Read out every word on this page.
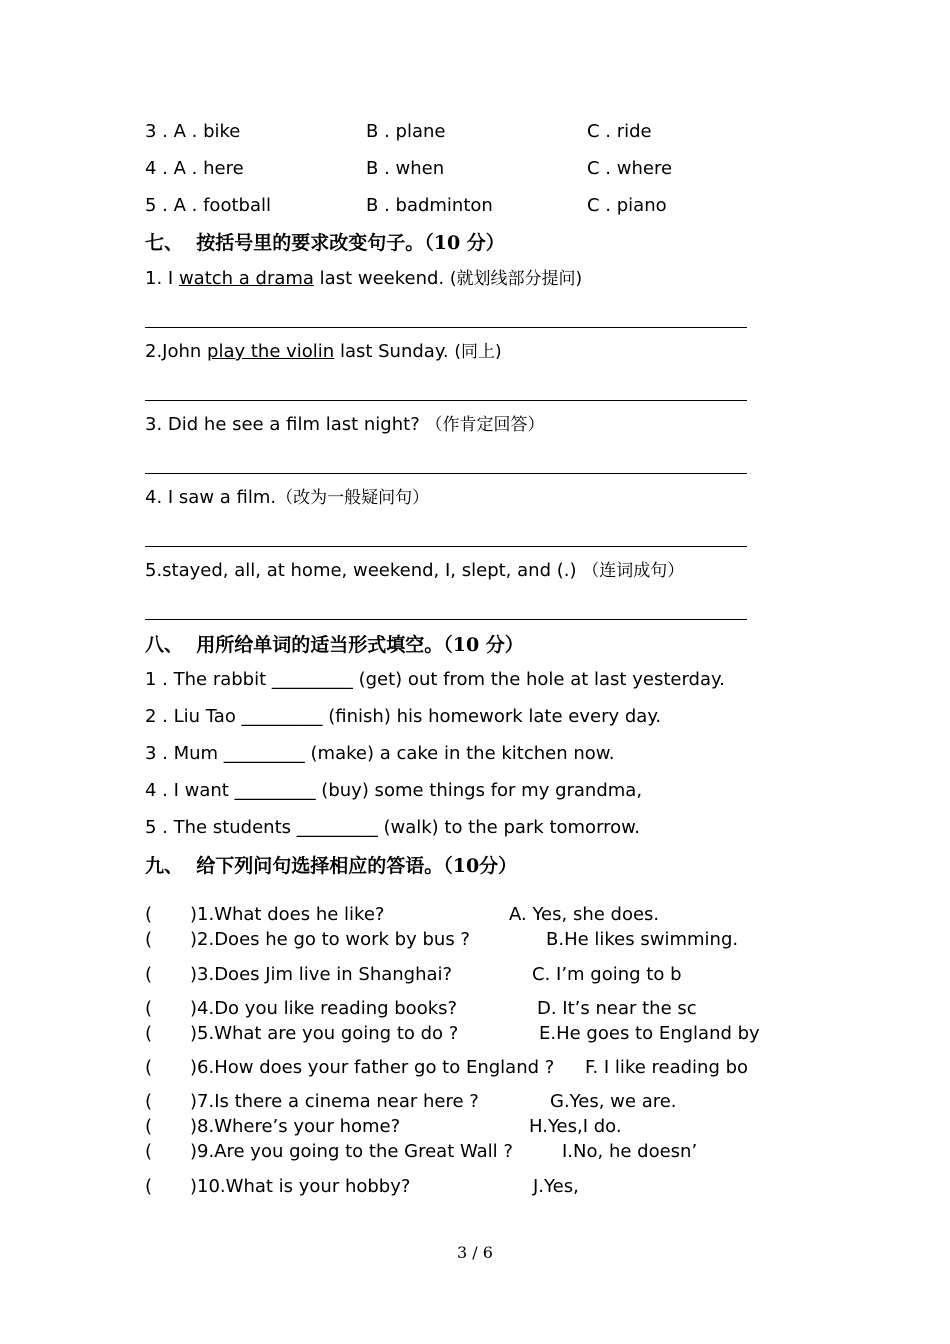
3 . A . bike	B . plane	C . ride
4 . A . here	B . when	C . where
5 . A . football	B . badminton	C . piano
七、  按括号里的要求改变句子。（10 分）
1. I watch a drama last weekend. (就划线部分提问)
2.John play the violin last Sunday. (同上)
3. Did he see a film last night? （作肯定回答）
4. I saw a film.（改为一般疑问句）
5.stayed, all, at home, weekend, I, slept, and (.) （连词成句）
八、  用所给单词的适当形式填空。（10 分）
1 . The rabbit _________ (get) out from the hole at last yesterday.
2 . Liu Tao _________ (finish) his homework late every day.
3 . Mum _________ (make) a cake in the kitchen now.
4 . I want _________ (buy) some things for my grandma,
5 . The students _________ (walk) to the park tomorrow.
九、  给下列问句选择相应的答语。（10分）
( )1.What does he like?	A. Yes, she does.
( )2.Does he go to work by bus ?	B.He likes swimming.
( )3.Does Jim live in Shanghai?	C. I’m going to b
( )4.Do you like reading books?	D. It’s near the sc
( )5.What are you going to do ?	E.He goes to England by
( )6.How does your father go to England ? F. I like reading bo
( )7.Is there a cinema near here ?	G.Yes, we are.
( )8.Where’s your home?	H.Yes,I do.
( )9.Are you going to the Great Wall ?	I.No, he doesn’
( )10.What is your hobby?	J.Yes,
3 / 6
